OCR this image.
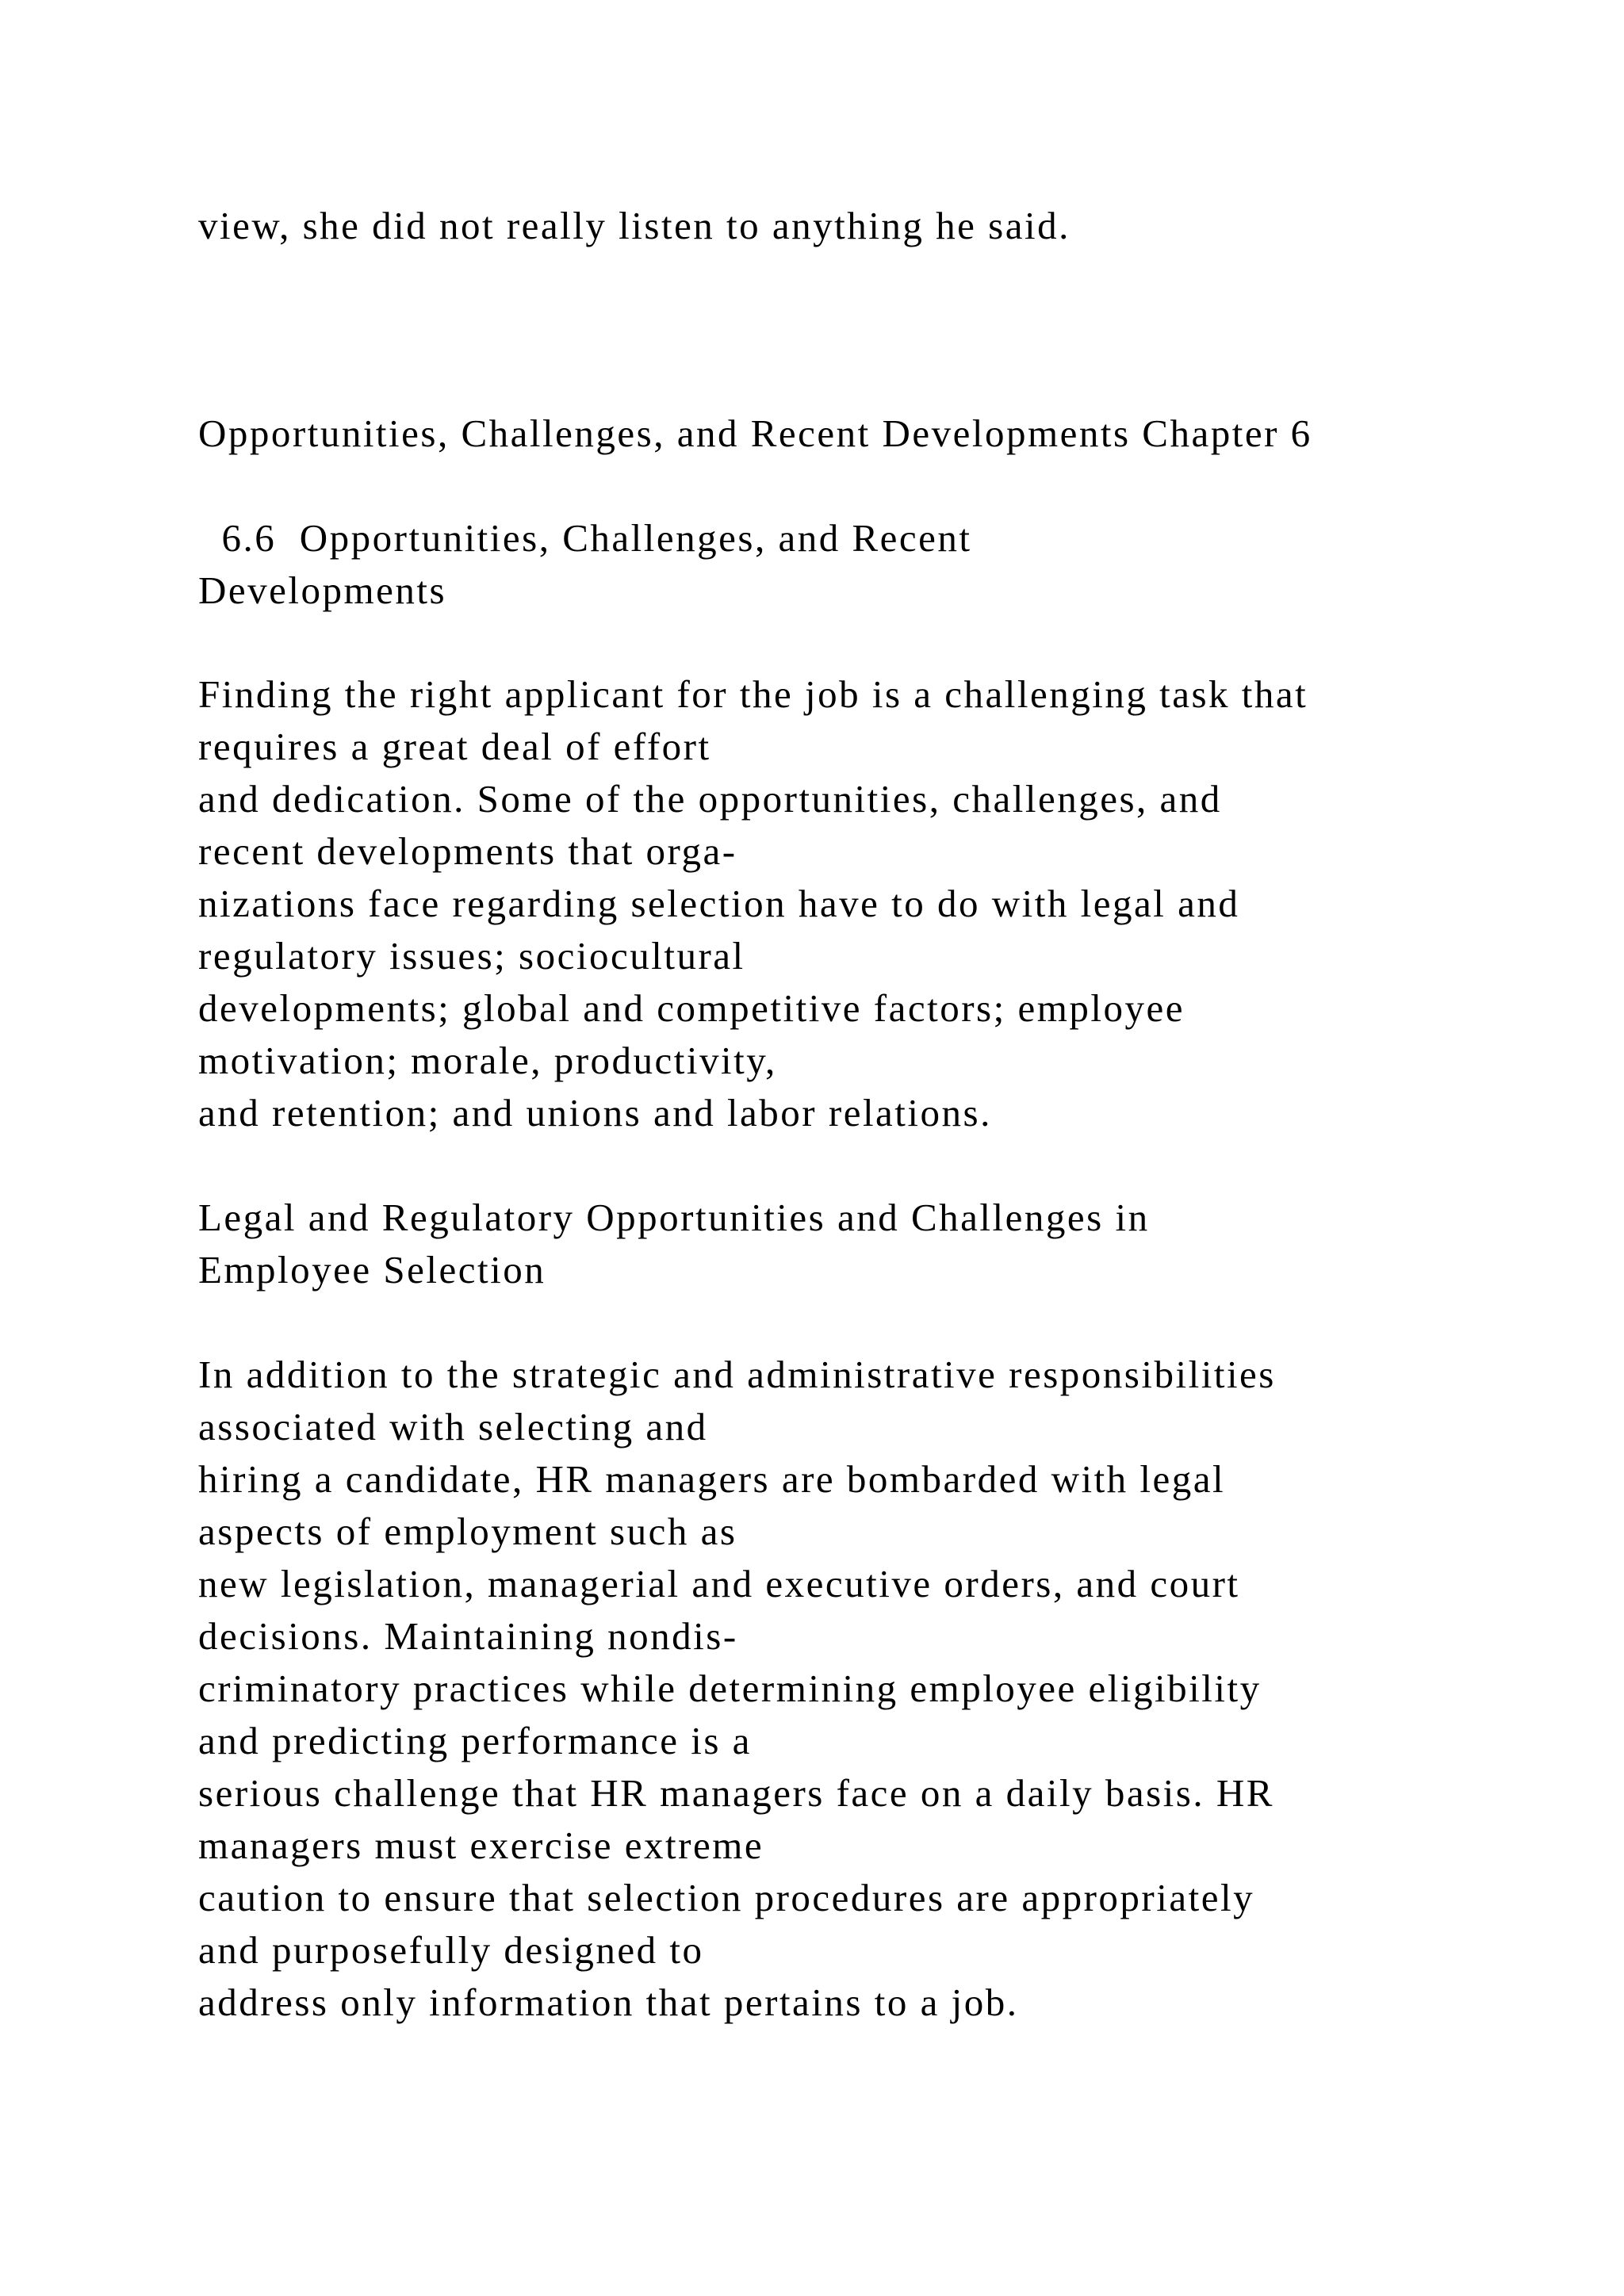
view, she did not really listen to anything he said.

Opportunities, Challenges, and Recent Developments Chapter 6

6.6  Opportunities, Challenges, and Recent

Developments

Finding the right applicant for the job is a challenging task that

requires a great deal of effort

and dedication. Some of the opportunities, challenges, and

recent developments that orga-

nizations face regarding selection have to do with legal and

regulatory issues; sociocultural

developments; global and competitive factors; employee

motivation; morale, productivity,

and retention; and unions and labor relations.

Legal and Regulatory Opportunities and Challenges in

Employee Selection

In addition to the strategic and administrative responsibilities

associated with selecting and

hiring a candidate, HR managers are bombarded with legal

aspects of employment such as

new legislation, managerial and executive orders, and court

decisions. Maintaining nondis-

criminatory practices while determining employee eligibility

and predicting performance is a

serious challenge that HR managers face on a daily basis. HR

managers must exercise extreme

caution to ensure that selection procedures are appropriately

and purposefully designed to

address only information that pertains to a job.
